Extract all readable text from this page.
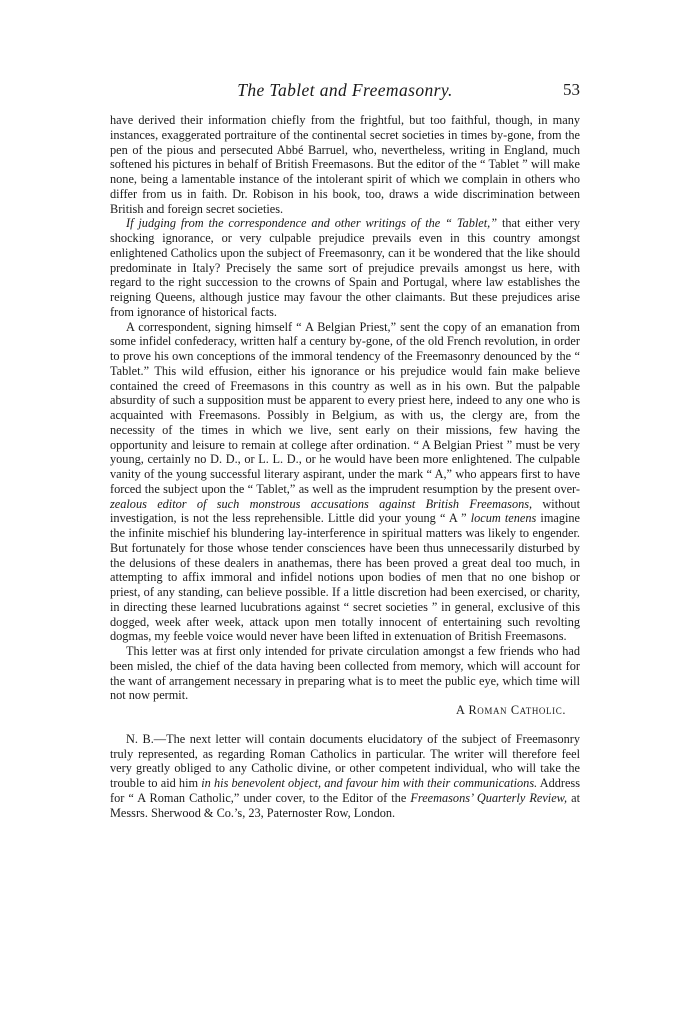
The Tablet and Freemasonry.	53

have derived their information chiefly from the frightful, but too faithful, though, in many instances, exaggerated portraiture of the continental secret societies in times by-gone, from the pen of the pious and persecuted Abbé Barruel, who, nevertheless, writing in England, much softened his pictures in behalf of British Freemasons. But the editor of the “ Tablet ” will make none, being a lamentable instance of the intolerant spirit of which we complain in others who differ from us in faith. Dr. Robison in his book, too, draws a wide discrimination between British and foreign secret societies.

If judging from the correspondence and other writings of the “ Tablet,” that either very shocking ignorance, or very culpable prejudice prevails even in this country amongst enlightened Catholics upon the subject of Freemasonry, can it be wondered that the like should predominate in Italy? Precisely the same sort of prejudice prevails amongst us here, with regard to the right succession to the crowns of Spain and Portugal, where law establishes the reigning Queens, although justice may favour the other claimants. But these prejudices arise from ignorance of historical facts.

A correspondent, signing himself “ A Belgian Priest,” sent the copy of an emanation from some infidel confederacy, written half a century by-gone, of the old French revolution, in order to prove his own conceptions of the immoral tendency of the Freemasonry denounced by the “ Tablet.” This wild effusion, either his ignorance or his prejudice would fain make believe contained the creed of Freemasons in this country as well as in his own. But the palpable absurdity of such a supposition must be apparent to every priest here, indeed to any one who is acquainted with Freemasons. Possibly in Belgium, as with us, the clergy are, from the necessity of the times in which we live, sent early on their missions, few having the opportunity and leisure to remain at college after ordination. “ A Belgian Priest ” must be very young, certainly no D. D., or L. L. D., or he would have been more enlightened. The culpable vanity of the young successful literary aspirant, under the mark “ A,” who appears first to have forced the subject upon the “ Tablet,” as well as the imprudent resumption by the present over-zealous editor of such monstrous accusations against British Freemasons, without investigation, is not the less reprehensible. Little did your young “ A ” locum tenens imagine the infinite mischief his blundering lay-interference in spiritual matters was likely to engender. But fortunately for those whose tender consciences have been thus unnecessarily disturbed by the delusions of these dealers in anathemas, there has been proved a great deal too much, in attempting to affix immoral and infidel notions upon bodies of men that no one bishop or priest, of any standing, can believe possible. If a little discretion had been exercised, or charity, in directing these learned lucubrations against “ secret societies ” in general, exclusive of this dogged, week after week, attack upon men totally innocent of entertaining such revolting dogmas, my feeble voice would never have been lifted in extenuation of British Freemasons.

This letter was at first only intended for private circulation amongst a few friends who had been misled, the chief of the data having been collected from memory, which will account for the want of arrangement necessary in preparing what is to meet the public eye, which time will not now permit.

A Roman Catholic.

N. B.—The next letter will contain documents elucidatory of the subject of Freemasonry truly represented, as regarding Roman Catholics in particular. The writer will therefore feel very greatly obliged to any Catholic divine, or other competent individual, who will take the trouble to aid him in his benevolent object, and favour him with their communications. Address for “ A Roman Catholic,” under cover, to the Editor of the Freemasons’ Quarterly Review, at Messrs. Sherwood & Co.’s, 23, Paternoster Row, London.
